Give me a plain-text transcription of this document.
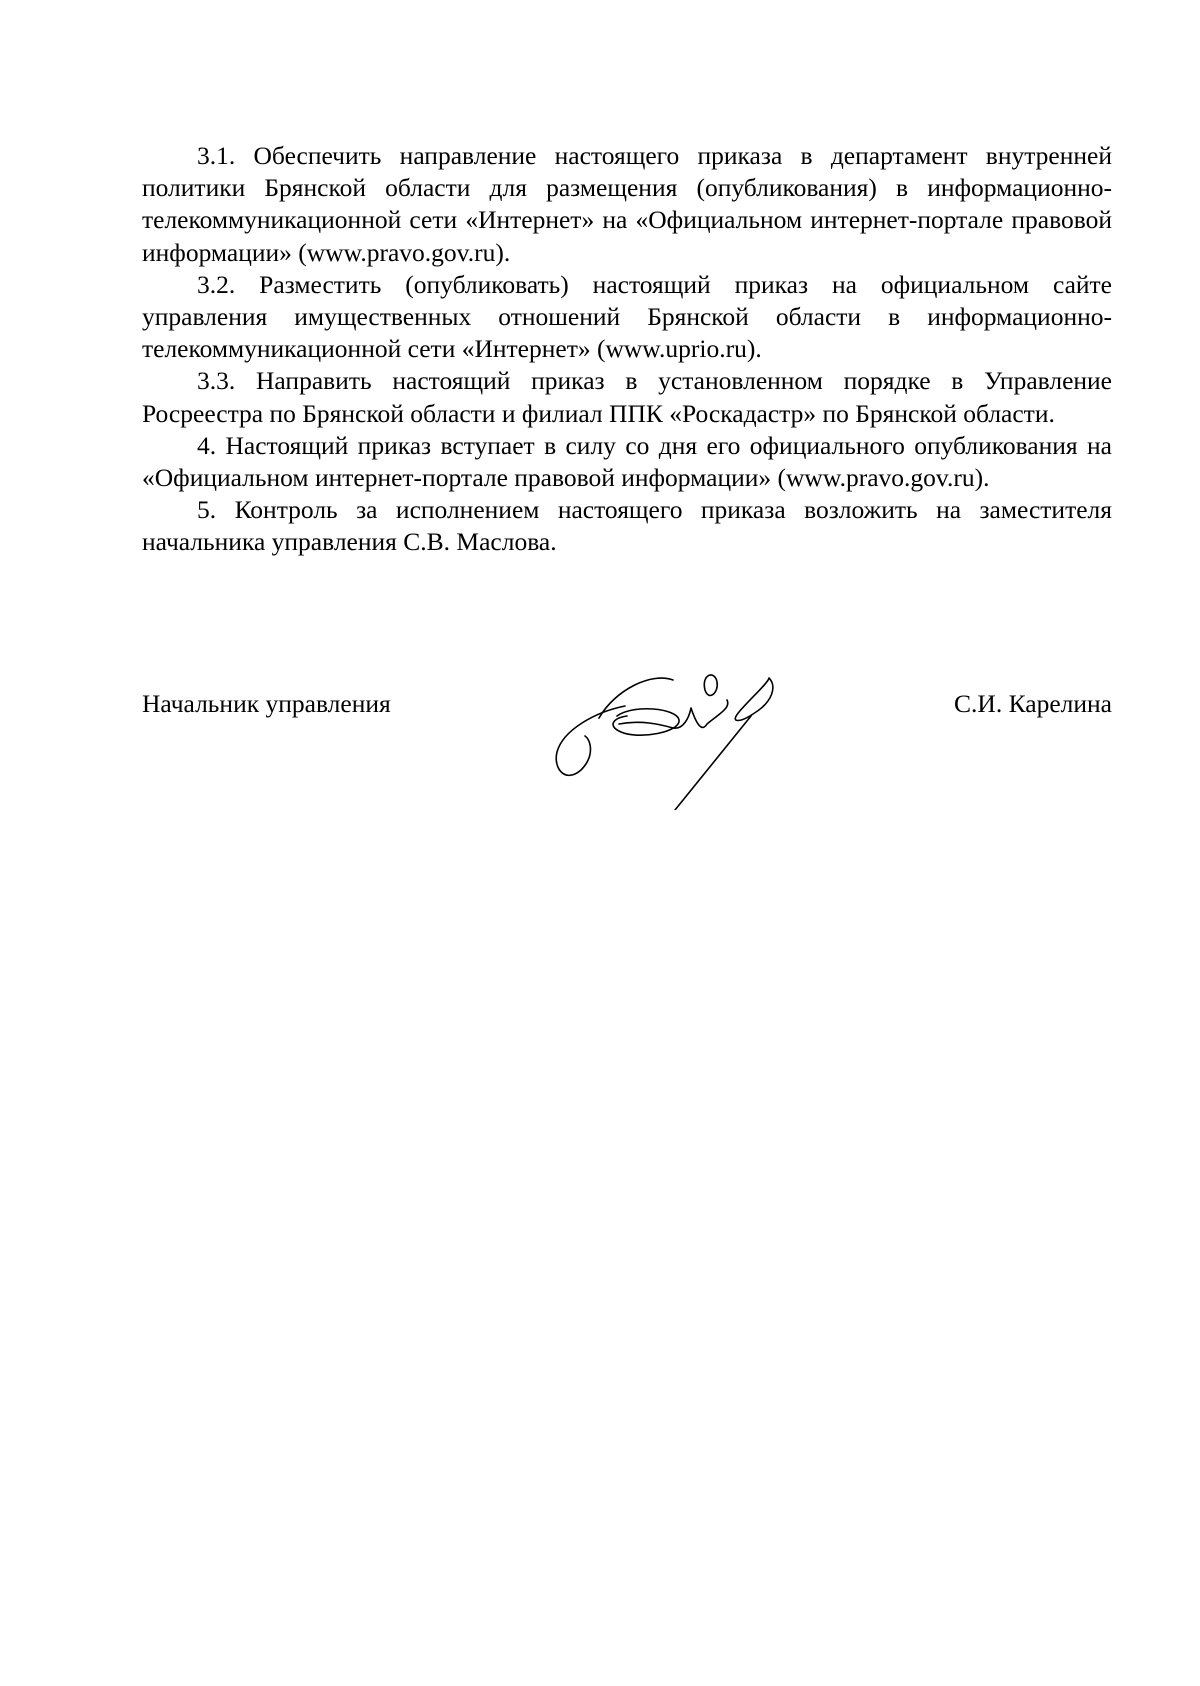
3.1. Обеспечить направление настоящего приказа в департамент внутренней политики Брянской области для размещения (опубликования) в информационно-телекоммуникационной сети «Интернет» на «Официальном интернет-портале правовой информации» (www.pravo.gov.ru).

3.2. Разместить (опубликовать) настоящий приказ на официальном сайте управления имущественных отношений Брянской области в информационно-телекоммуникационной сети «Интернет» (www.uprio.ru).

3.3. Направить настоящий приказ в установленном порядке в Управление Росреестра по Брянской области и филиал ППК «Роскадастр» по Брянской области.

4. Настоящий приказ вступает в силу со дня его официального опубликования на «Официальном интернет-портале правовой информации» (www.pravo.gov.ru).

5. Контроль за исполнением настоящего приказа возложить на заместителя начальника управления С.В. Маслова.

Начальник управления	С.И. Карелина
